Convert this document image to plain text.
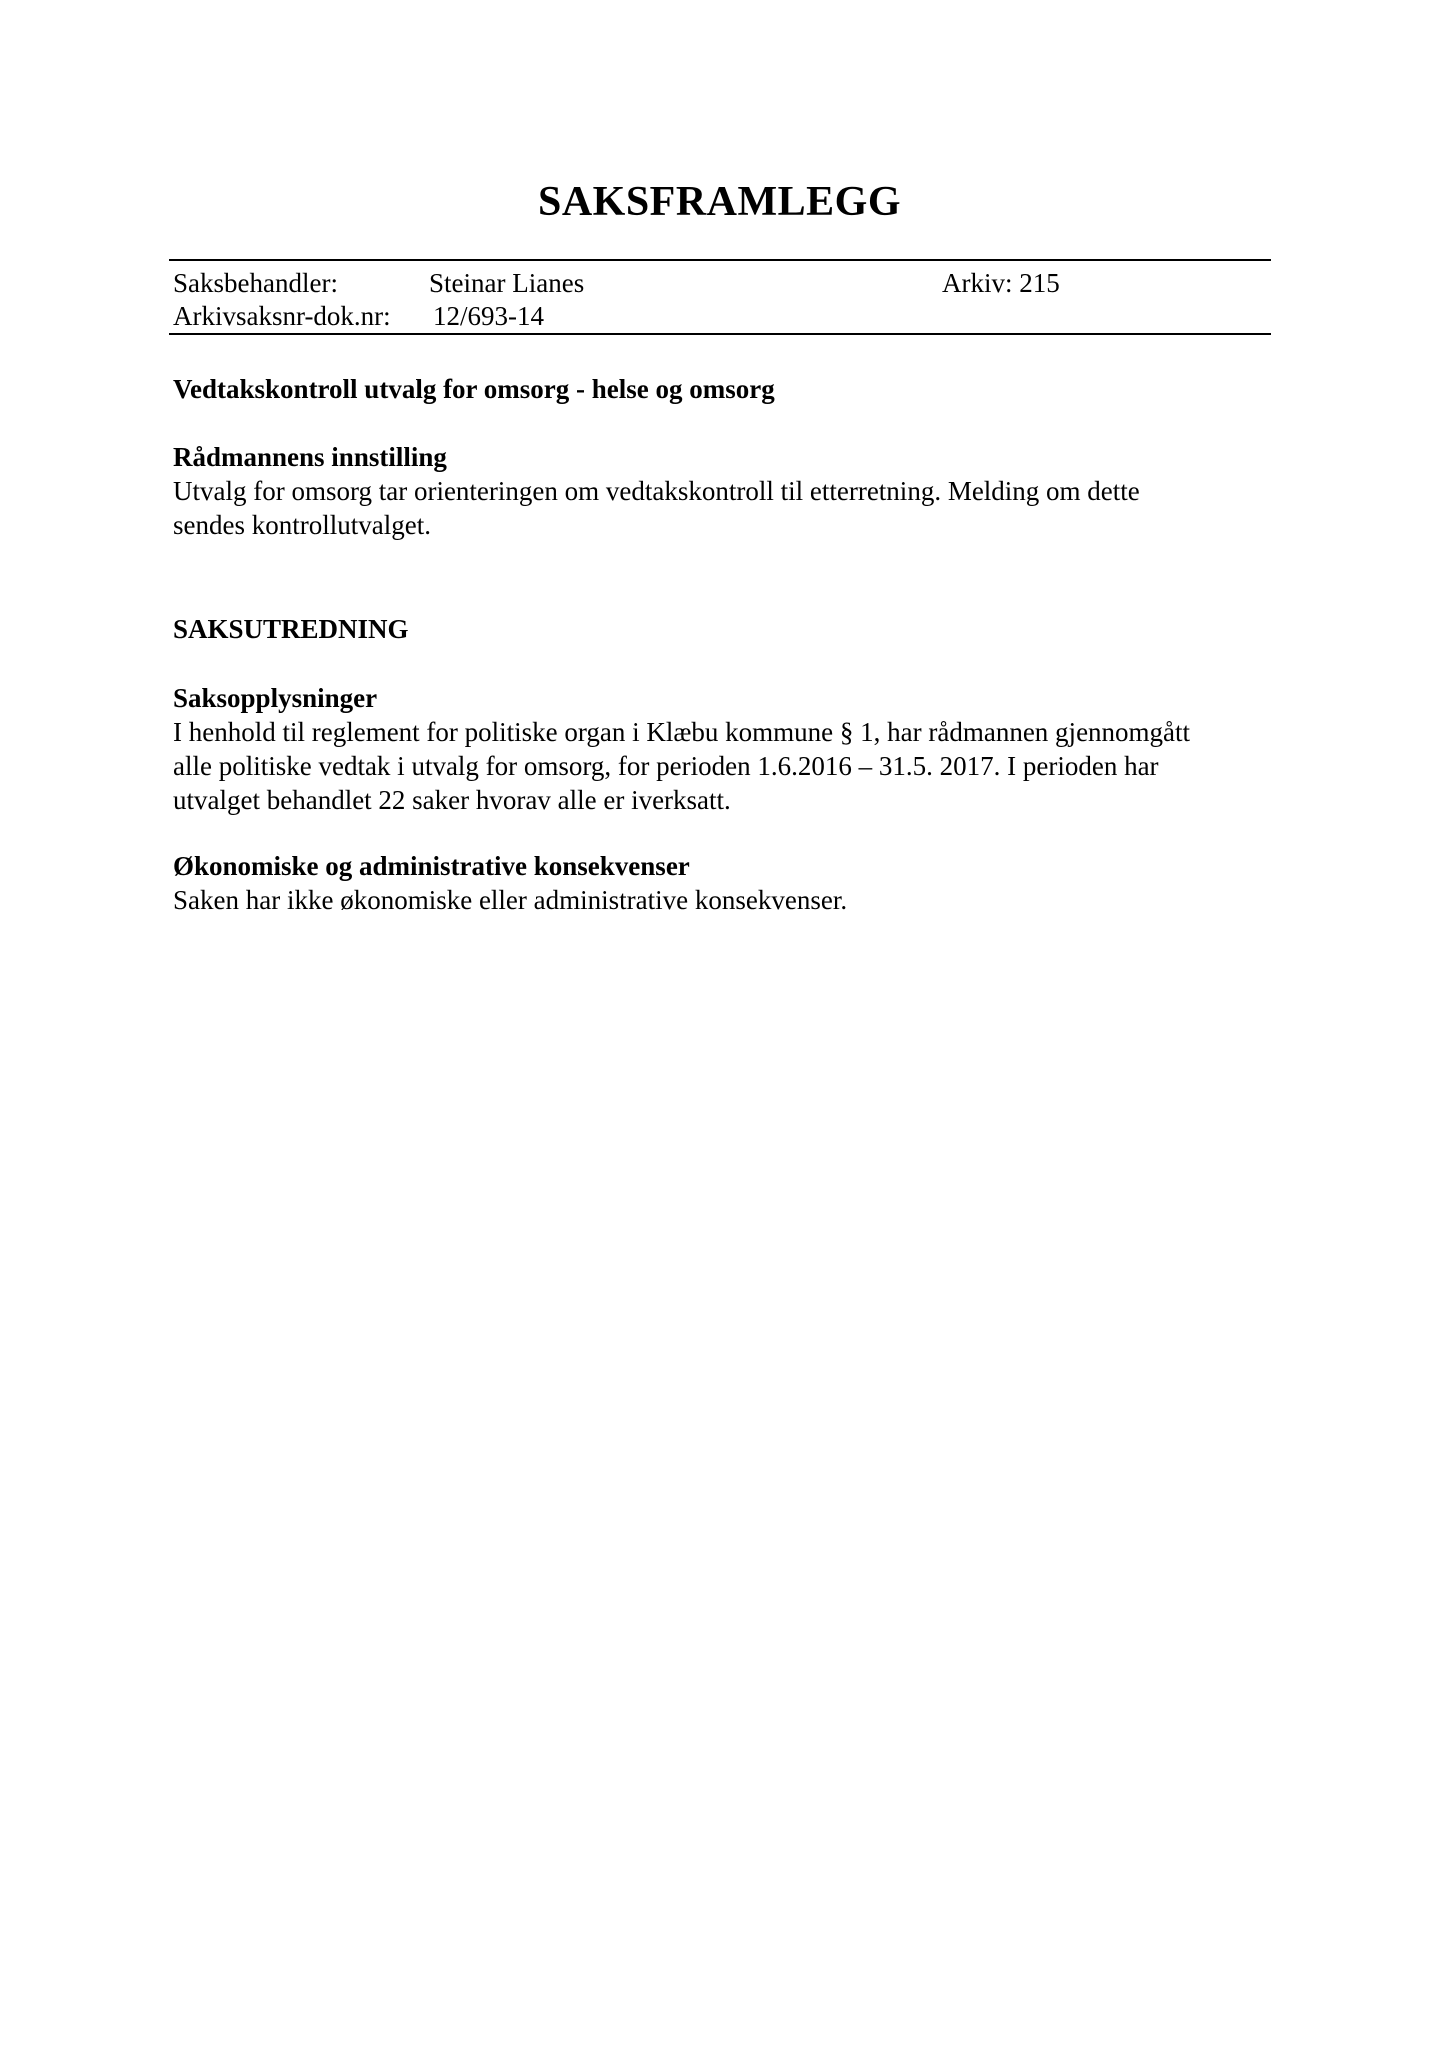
SAKSFRAMLEGG
Saksbehandler:	Steinar Lianes	Arkiv: 215
Arkivsaksnr-dok.nr: 12/693-14
Vedtakskontroll utvalg for omsorg - helse og omsorg
Rådmannens innstilling
Utvalg for omsorg tar orienteringen om vedtakskontroll til etterretning. Melding om dette
sendes kontrollutvalget.
SAKSUTREDNING
Saksopplysninger
I henhold til reglement for politiske organ i Klæbu kommune § 1, har rådmannen gjennomgått
alle politiske vedtak i utvalg for omsorg, for perioden 1.6.2016 – 31.5. 2017. I perioden har
utvalget behandlet 22 saker hvorav alle er iverksatt.
Økonomiske og administrative konsekvenser
Saken har ikke økonomiske eller administrative konsekvenser.
